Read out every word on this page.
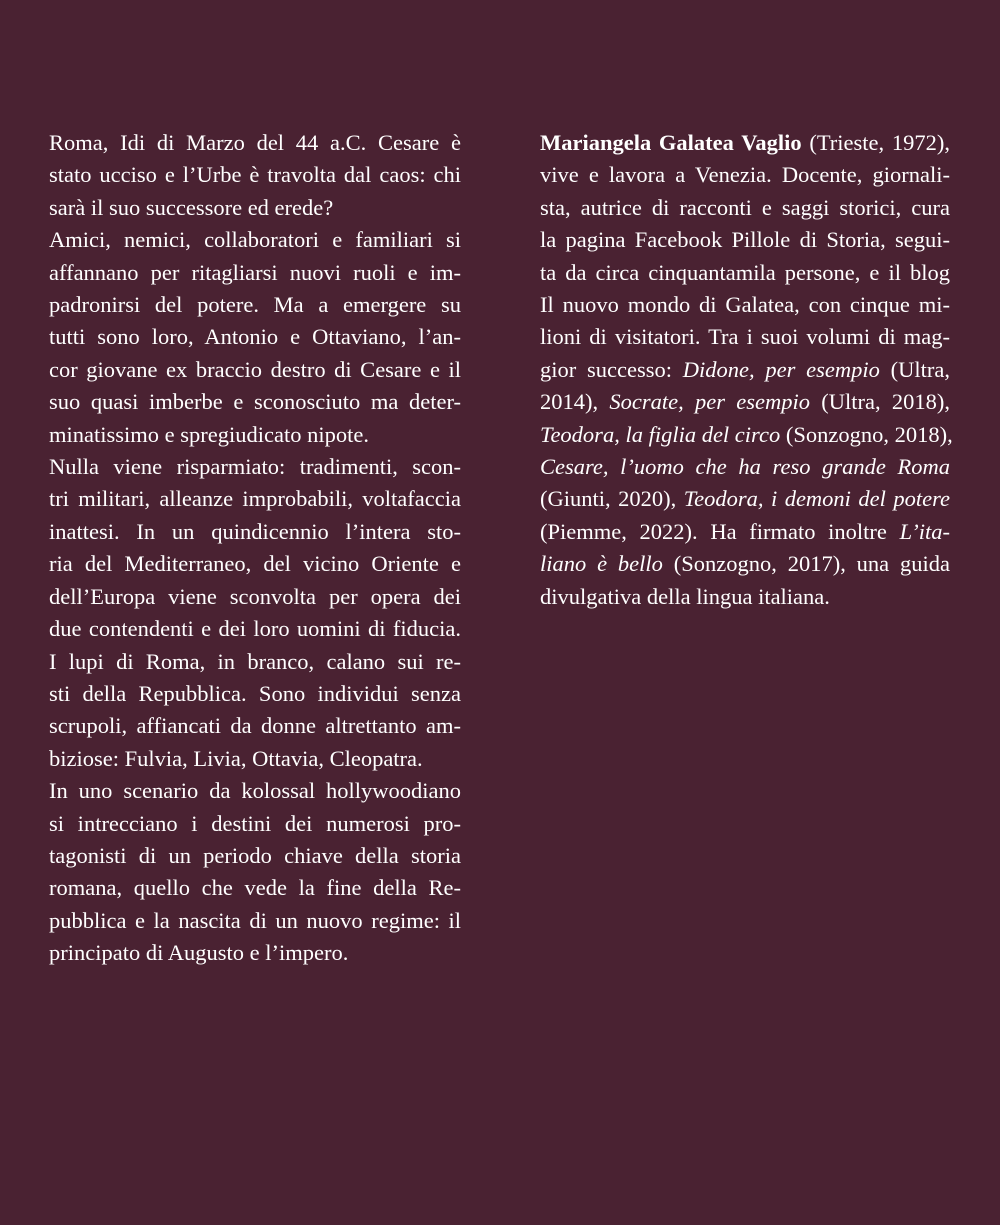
Roma, Idi di Marzo del 44 a.C. Cesare è
stato ucciso e l’Urbe è travolta dal caos: chi
sarà il suo successore ed erede?
Amici, nemici, collaboratori e familiari si
affannano per ritagliarsi nuovi ruoli e im-
padronirsi del potere. Ma a emergere su
tutti sono loro, Antonio e Ottaviano, l’an-
cor giovane ex braccio destro di Cesare e il
suo quasi imberbe e sconosciuto ma deter-
minatissimo e spregiudicato nipote.
Nulla viene risparmiato: tradimenti, scon-
tri militari, alleanze improbabili, voltafaccia
inattesi. In un quindicennio l’intera sto-
ria del Mediterraneo, del vicino Oriente e
dell’Europa viene sconvolta per opera dei
due contendenti e dei loro uomini di fiducia.
I lupi di Roma, in branco, calano sui re-
sti della Repubblica. Sono individui senza
scrupoli, affiancati da donne altrettanto am-
biziose: Fulvia, Livia, Ottavia, Cleopatra.
In uno scenario da kolossal hollywoodiano
si intrecciano i destini dei numerosi pro-
tagonisti di un periodo chiave della storia
romana, quello che vede la fine della Re-
pubblica e la nascita di un nuovo regime: il
principato di Augusto e l’impero.
Mariangela Galatea Vaglio (Trieste, 1972),
vive e lavora a Venezia. Docente, giornali-
sta, autrice di racconti e saggi storici, cura
la pagina Facebook Pillole di Storia, segui-
ta da circa cinquantamila persone, e il blog
Il nuovo mondo di Galatea, con cinque mi-
lioni di visitatori. Tra i suoi volumi di mag-
gior successo: Didone, per esempio (Ultra,
2014), Socrate, per esempio (Ultra, 2018),
Teodora, la figlia del circo (Sonzogno, 2018),
Cesare, l’uomo che ha reso grande Roma
(Giunti, 2020), Teodora, i demoni del potere
(Piemme, 2022). Ha firmato inoltre L’ita-
liano è bello (Sonzogno, 2017), una guida
divulgativa della lingua italiana.
